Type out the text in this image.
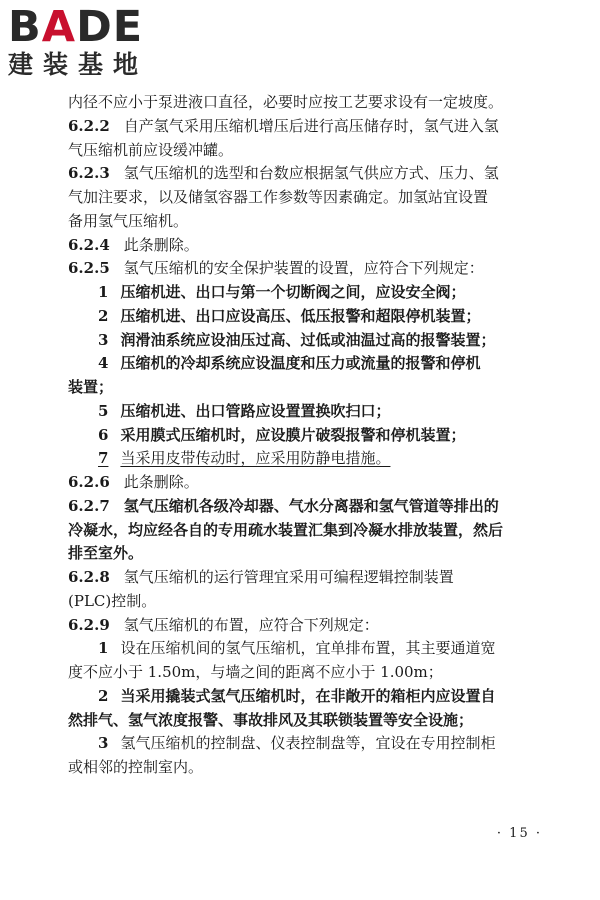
BADE
建装基地
内径不应小于泵进液口直径，必要时应按工艺要求设有一定坡度。
6.2.2 自产氢气采用压缩机增压后进行高压储存时，氢气进入氢
气压缩机前应设缓冲罐。
6.2.3 氢气压缩机的选型和台数应根据氢气供应方式、压力、氢
气加注要求，以及储氢容器工作参数等因素确定。加氢站宜设置
备用氢气压缩机。
6.2.4 此条删除。
6.2.5 氢气压缩机的安全保护装置的设置，应符合下列规定：
1 压缩机进、出口与第一个切断阀之间，应设安全阀；
2 压缩机进、出口应设高压、低压报警和超限停机装置；
3 润滑油系统应设油压过高、过低或油温过高的报警装置；
4 压缩机的冷却系统应设温度和压力或流量的报警和停机
装置；
5 压缩机进、出口管路应设置置换吹扫口；
6 采用膜式压缩机时，应设膜片破裂报警和停机装置；
7 当采用皮带传动时，应采用防静电措施。
6.2.6 此条删除。
6.2.7 氢气压缩机各级冷却器、气水分离器和氢气管道等排出的
冷凝水，均应经各自的专用疏水装置汇集到冷凝水排放装置，然后
排至室外。
6.2.8 氢气压缩机的运行管理宜采用可编程逻辑控制装置
(PLC)控制。
6.2.9 氢气压缩机的布置，应符合下列规定：
1 设在压缩机间的氢气压缩机，宜单排布置，其主要通道宽
度不应小于 1.50m，与墙之间的距离不应小于 1.00m；
2 当采用撬装式氢气压缩机时，在非敞开的箱柜内应设置自
然排气、氢气浓度报警、事故排风及其联锁装置等安全设施；
3 氢气压缩机的控制盘、仪表控制盘等，宜设在专用控制柜
或相邻的控制室内。
· 15 ·
